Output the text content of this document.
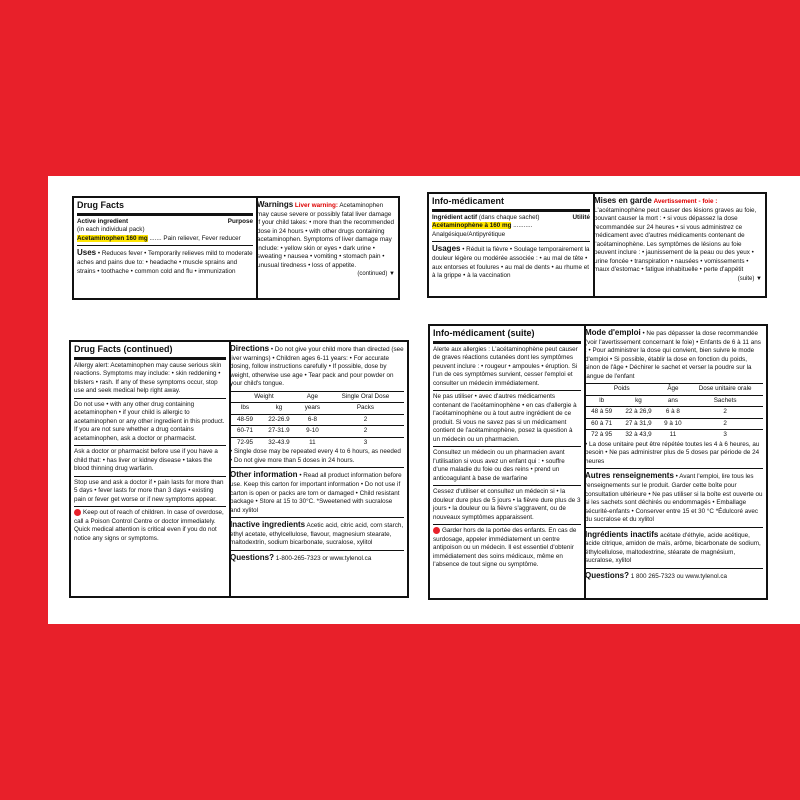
Drug Facts
Active ingredient	Purpose
(in each individual pack)
Acetaminophen 160 mg ....... Pain reliever, Fever reducer
Uses • Reduces fever • Temporarily relieves mild to moderate aches and pains due to: • headache • muscle sprains and strains • toothache • common cold and flu • immunization
Warnings Liver warning: Acetaminophen may cause severe or possibly fatal liver damage if your child takes: • more than the recommended dose in 24 hours • with other drugs containing acetaminophen. Symptoms of liver damage may include: • yellow skin or eyes • dark urine • sweating • nausea • vomiting • stomach pain • unusual tiredness • loss of appetite.
(continued) ▼
Info-médicament
Ingrédient actif (dans chaque sachet)	Utilité
Acétaminophène à 160 mg ........... Analgésique/Antipyrétique
Usages • Réduit la fièvre • Soulage temporairement la douleur légère ou modérée associée : • au mal de tête • aux entorses et foulures • au mal de dents • au rhume et à la grippe • à la vaccination
Mises en garde Avertissement - foie : L'acétaminophène peut causer des lésions graves au foie, pouvant causer la mort : • si vous dépassez la dose recommandée sur 24 heures • si vous administrez ce médicament avec d'autres médicaments contenant de l'acétaminophène. Les symptômes de lésions au foie peuvent inclure : • jaunissement de la peau ou des yeux • urine foncée • transpiration • nausées • vomissements • maux d'estomac • fatigue inhabituelle • perte d'appétit
(suite) ▼
Drug Facts (continued)
Allergy alert: Acetaminophen may cause serious skin reactions. Symptoms may include: • skin reddening • blisters • rash. If any of these symptoms occur, stop use and seek medical help right away.
Do not use • with any other drug containing acetaminophen • if your child is allergic to acetaminophen or any other ingredient in this product. If you are not sure whether a drug contains acetaminophen, ask a doctor or pharmacist.
Ask a doctor or pharmacist before use if you have a child that: • has liver or kidney disease • takes the blood thinning drug warfarin.
Stop use and ask a doctor if • pain lasts for more than 5 days • fever lasts for more than 3 days • existing pain or fever get worse or if new symptoms appear.
Keep out of reach of children. In case of overdose, call a Poison Control Centre or doctor immediately. Quick medical attention is critical even if you do not notice any signs or symptoms.
Directions • Do not give your child more than directed (see liver warnings) • Children ages 6-11 years: • For accurate dosing, follow instructions carefully • If possible, dose by weight, otherwise use age • Tear pack and pour powder on your child's tongue.
Weight		Age	Single Oral Dose
lbs	kg	years	Packs
48-59	22-26.9	6-8	2
60-71	27-31.9	9-10	2
72-95	32-43.9	11	3
• Single dose may be repeated every 4 to 6 hours, as needed • Do not give more than 5 doses in 24 hours.
Other information • Read all product information before use. Keep this carton for important information • Do not use if carton is open or packs are torn or damaged • Child resistant package • Store at 15 to 30°C. *Sweetened with sucralose and xylitol
Inactive ingredients Acetic acid, citric acid, corn starch, ethyl acetate, ethylcellulose, flavour, magnesium stearate, maltodextrin, sodium bicarbonate, sucralose, xylitol
Questions? 1-800-265-7323 or www.tylenol.ca
Info-médicament (suite)
Alerte aux allergies : L'acétaminophène peut causer de graves réactions cutanées dont les symptômes peuvent inclure : • rougeur • ampoules • éruption. Si l'un de ces symptômes survient, cesser l'emploi et consulter un médecin immédiatement.
Ne pas utiliser • avec d'autres médicaments contenant de l'acétaminophène • en cas d'allergie à l'acétaminophène ou à tout autre ingrédient de ce produit. Si vous ne savez pas si un médicament contient de l'acétaminophène, posez la question à un médecin ou un pharmacien.
Consultez un médecin ou un pharmacien avant l'utilisation si vous avez un enfant qui : • souffre d'une maladie du foie ou des reins • prend un anticoagulant à base de warfarine
Cessez d'utiliser et consultez un médecin si • la douleur dure plus de 5 jours • la fièvre dure plus de 3 jours • la douleur ou la fièvre s'aggravent, ou de nouveaux symptômes apparaissent.
Garder hors de la portée des enfants. En cas de surdosage, appeler immédiatement un centre antipoison ou un médecin. Il est essentiel d'obtenir immédiatement des soins médicaux, même en l'absence de tout signe ou symptôme.
Mode d'emploi • Ne pas dépasser la dose recommandée (voir l'avertissement concernant le foie) • Enfants de 6 à 11 ans : • Pour administrer la dose qui convient, bien suivre le mode d'emploi • Si possible, établir la dose en fonction du poids, sinon de l'âge • Déchirer le sachet et verser la poudre sur la langue de l'enfant
Poids		Âge	Dose unitaire orale
lb	kg	ans	Sachets
48 à 59	22 à 26,9	6 à 8	2
60 à 71	27 à 31,9	9 à 10	2
72 à 95	32 à 43,9	11	3
• La dose unitaire peut être répétée toutes les 4 à 6 heures, au besoin • Ne pas administrer plus de 5 doses par période de 24 heures
Autres renseignements • Avant l'emploi, lire tous les renseignements sur le produit. Garder cette boîte pour consultation ultérieure • Ne pas utiliser si la boîte est ouverte ou si les sachets sont déchirés ou endommagés • Emballage sécurité-enfants • Conserver entre 15 et 30 °C *Édulcoré avec du sucralose et du xylitol
Ingrédients inactifs acétate d'éthyle, acide acétique, acide citrique, amidon de maïs, arôme, bicarbonate de sodium, éthylcellulose, maltodextrine, stéarate de magnésium, sucralose, xylitol
Questions? 1 800 265-7323 ou www.tylenol.ca
